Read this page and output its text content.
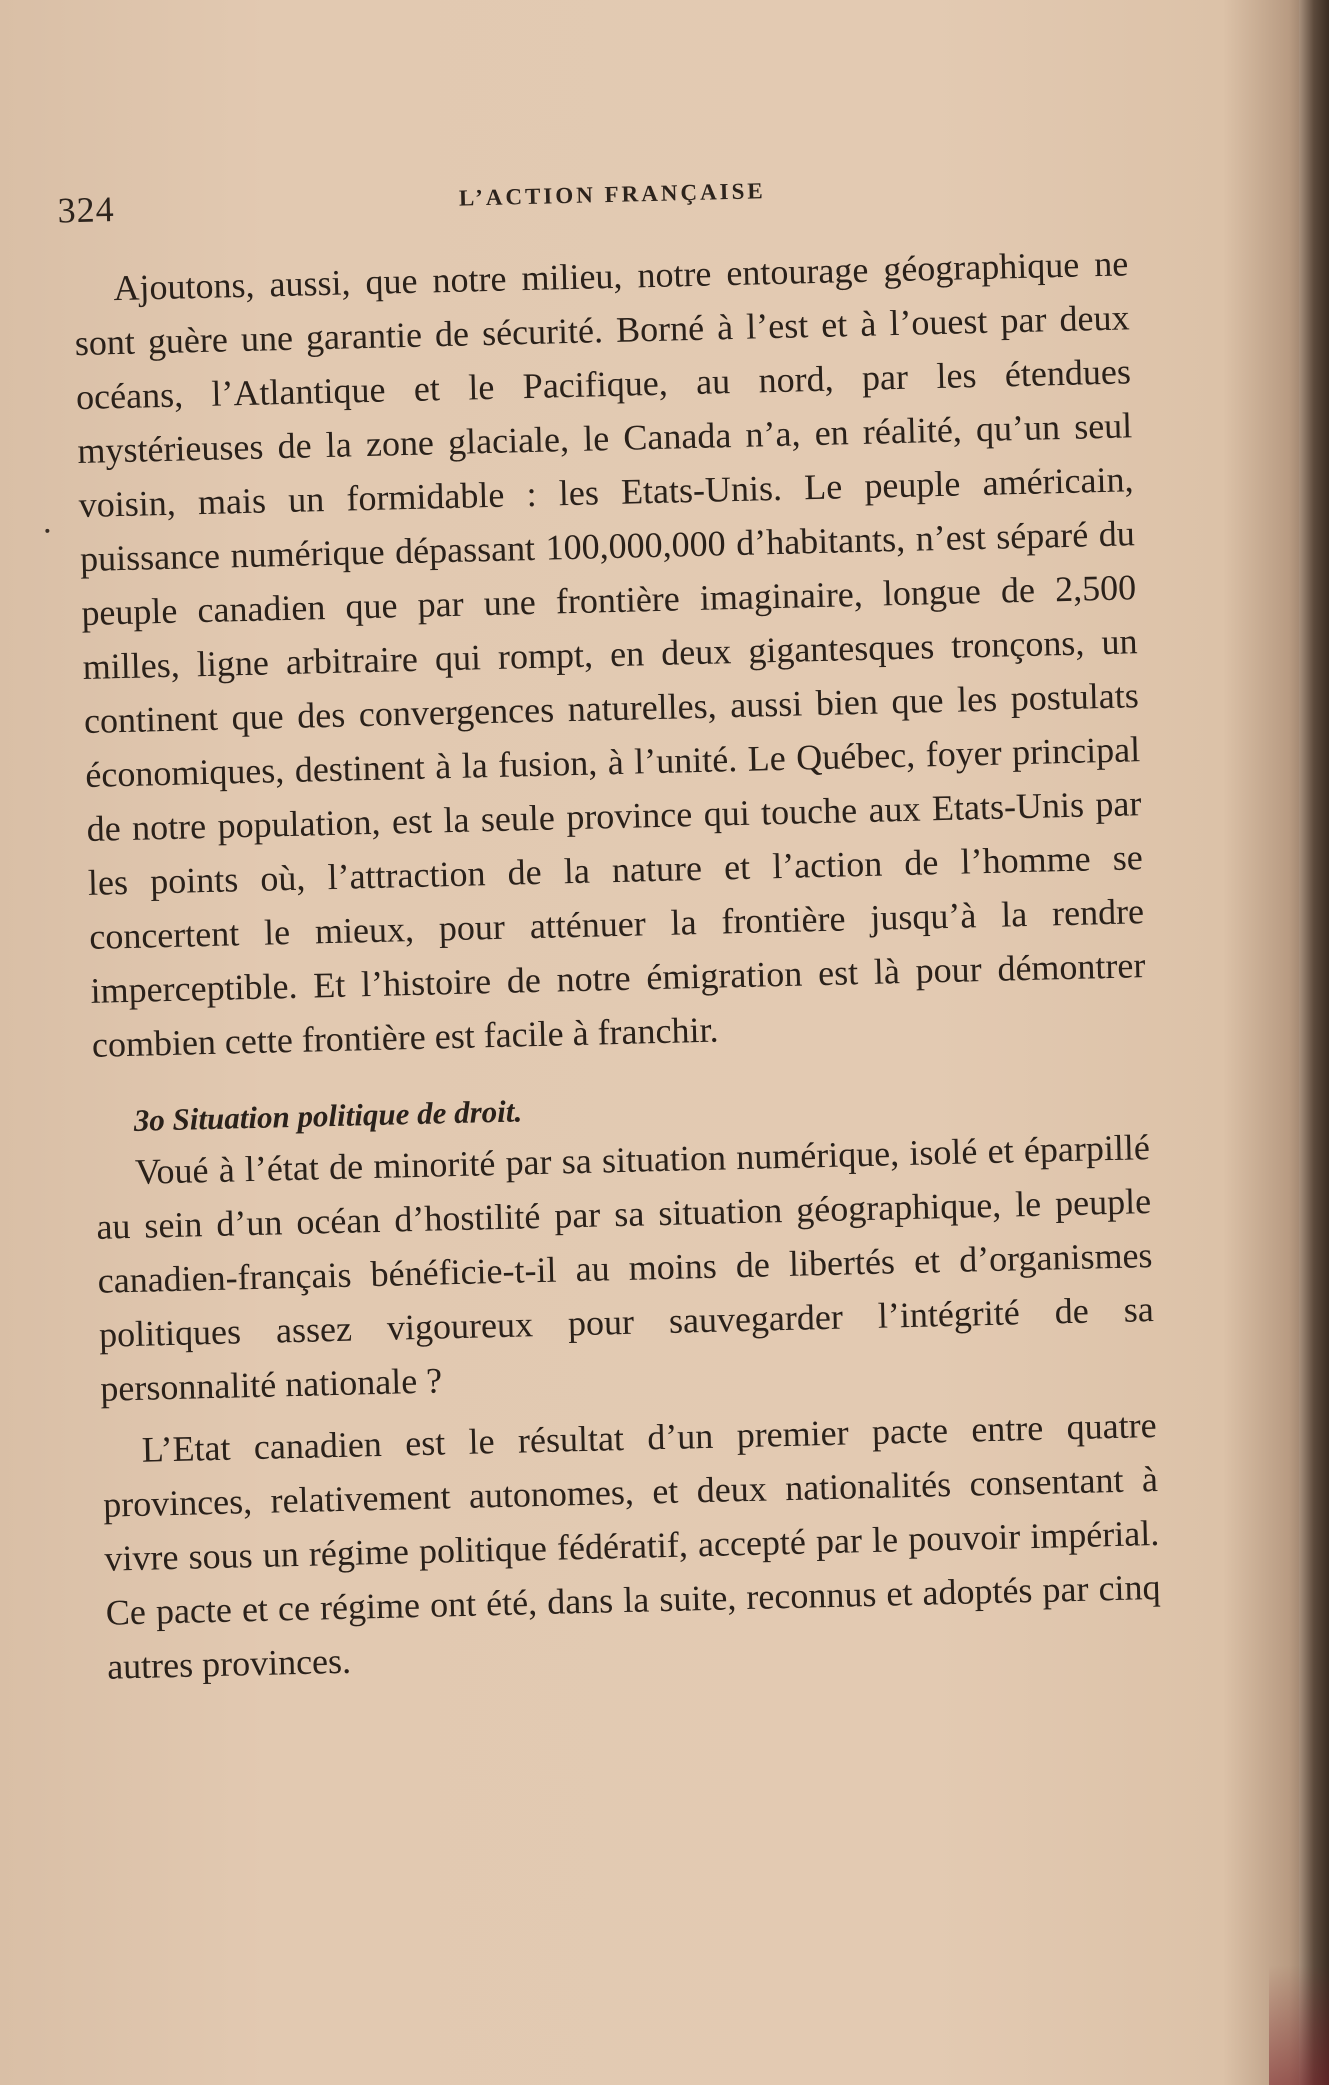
324	L’ACTION FRANÇAISE

Ajoutons, aussi, que notre milieu, notre entourage géographique ne sont guère une garantie de sécurité. Borné à l’est et à l’ouest par deux océans, l’Atlantique et le Pacifique, au nord, par les étendues mystérieuses de la zone glaciale, le Canada n’a, en réalité, qu’un seul voisin, mais un formidable : les Etats-Unis. Le peuple américain, puissance numérique dépassant 100,000,000 d’habitants, n’est séparé du peuple canadien que par une frontière imaginaire, longue de 2,500 milles, ligne arbitraire qui rompt, en deux gigantesques tronçons, un continent que des convergences naturelles, aussi bien que les postulats économiques, destinent à la fusion, à l’unité. Le Québec, foyer principal de notre population, est la seule province qui touche aux Etats-Unis par les points où, l’attraction de la nature et l’action de l’homme se concertent le mieux, pour atténuer la frontière jusqu’à la rendre imperceptible. Et l’histoire de notre émigration est là pour démontrer combien cette frontière est facile à franchir.

3o Situation politique de droit.

Voué à l’état de minorité par sa situation numérique, isolé et éparpillé au sein d’un océan d’hostilité par sa situation géographique, le peuple canadien-français bénéficie-t-il au moins de libertés et d’organismes politiques assez vigoureux pour sauvegarder l’intégrité de sa personnalité nationale ?

L’Etat canadien est le résultat d’un premier pacte entre quatre provinces, relativement autonomes, et deux nationalités consentant à vivre sous un régime politique fédératif, accepté par le pouvoir impérial. Ce pacte et ce régime ont été, dans la suite, reconnus et adoptés par cinq autres provinces.
